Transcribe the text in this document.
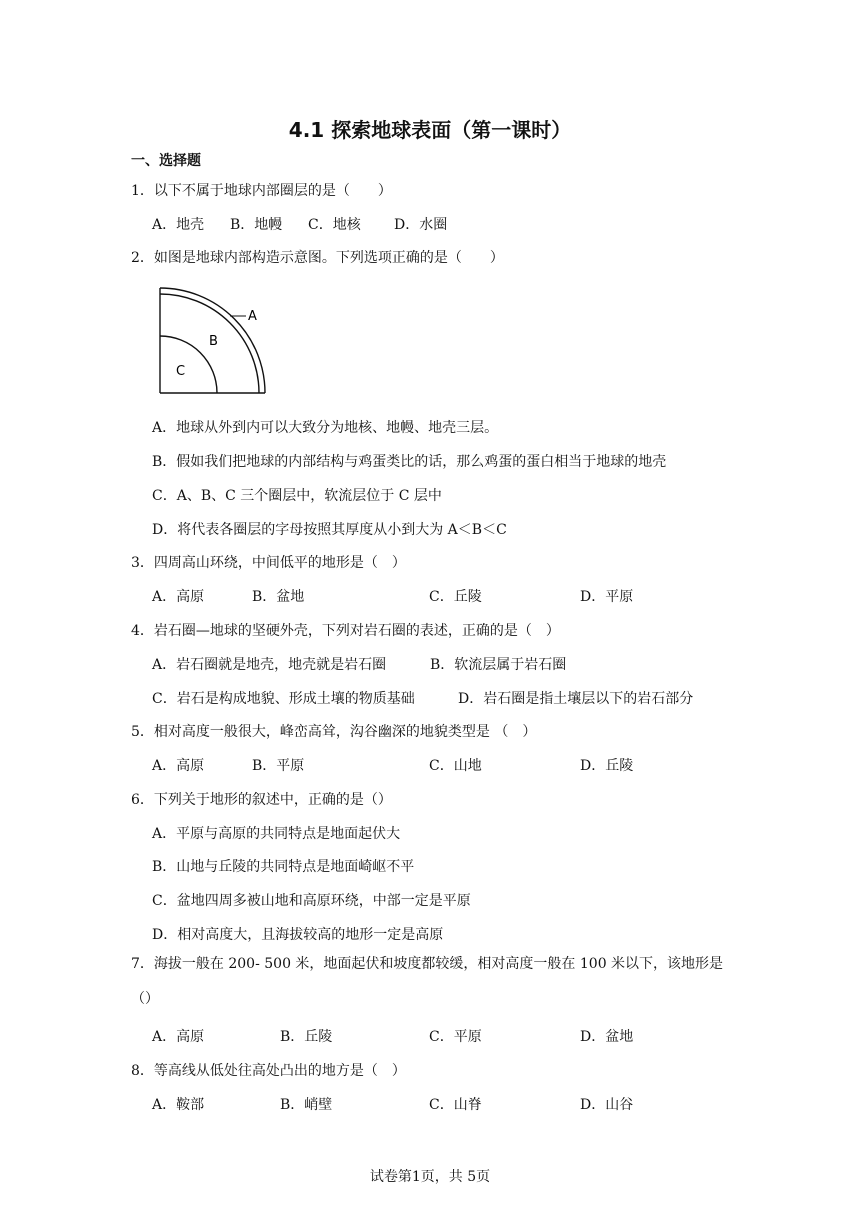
4.1 探索地球表面（第一课时）
一、选择题
1．以下不属于地球内部圈层的是（　　）
A．地壳 B．地幔 C．地核 D．水圈
2．如图是地球内部构造示意图。下列选项正确的是（　　）
A
B
C
A．地球从外到内可以大致分为地核、地幔、地壳三层。
B．假如我们把地球的内部结构与鸡蛋类比的话，那么鸡蛋的蛋白相当于地球的地壳
C．A、B、C 三个圈层中，软流层位于 C 层中
D．将代表各圈层的字母按照其厚度从小到大为 A＜B＜C
3．四周高山环绕，中间低平的地形是（　）
A．高原	B．盆地	C．丘陵	D．平原
4．岩石圈—地球的坚硬外壳，下列对岩石圈的表述，正确的是（　）
A．岩石圈就是地壳，地壳就是岩石圈	B．软流层属于岩石圈
C．岩石是构成地貌、形成土壤的物质基础	D．岩石圈是指土壤层以下的岩石部分
5．相对高度一般很大，峰峦高耸，沟谷幽深的地貌类型是 （　）
A．高原	B．平原	C．山地	D．丘陵
6．下列关于地形的叙述中，正确的是（）
A．平原与高原的共同特点是地面起伏大
B．山地与丘陵的共同特点是地面崎岖不平
C．盆地四周多被山地和高原环绕，中部一定是平原
D．相对高度大，且海拔较高的地形一定是高原
7．海拔一般在 200- 500 米，地面起伏和坡度都较缓，相对高度一般在 100 米以下，该地形是（）
A．高原	B．丘陵	C．平原	D．盆地
8．等高线从低处往高处凸出的地方是（　）
A．鞍部	B．峭壁	C．山脊	D．山谷
试卷第1页，共 5页
